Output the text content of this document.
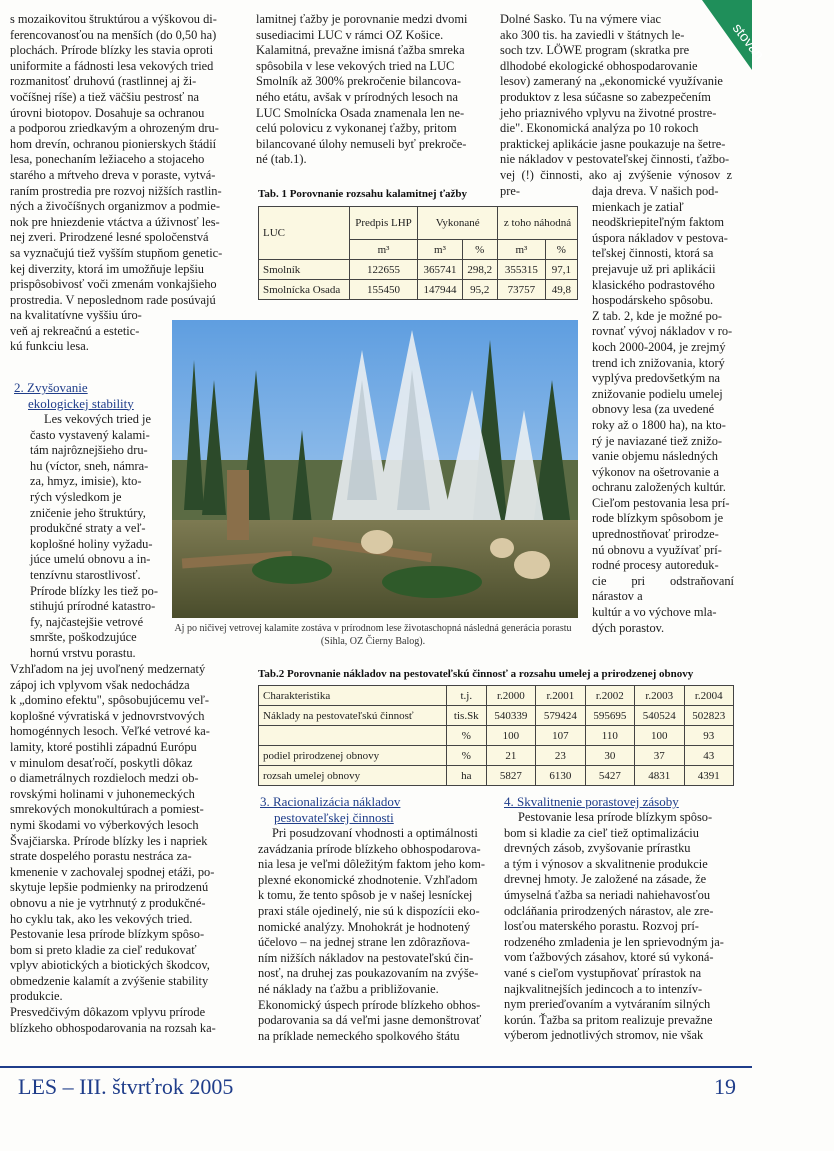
stovan

s mozaikovitou štruktúrou a výškovou di-

ferencovanosťou na menších (do 0,50 ha)

plochách. Prírode blízky les stavia oproti

uniformite a fádnosti lesa vekových tried

rozmanitosť druhovú (rastlinnej aj ži-

vočíšnej ríše) a tiež väčšiu pestrosť na

úrovni biotopov. Dosahuje sa ochranou

a podporou zriedkavým a ohrozeným dru-

hom drevín, ochranou pionierskych štádií

lesa, ponechaním ležiaceho a stojaceho

starého a mŕtveho dreva v poraste, vytvá-

raním prostredia pre rozvoj nižších rastlin-

ných a živočíšnych organizmov a podmie-

nok pre hniezdenie vtáctva a úživnosť les-

nej zveri. Prirodzené lesné spoločenstvá

sa vyznačujú tiež vyšším stupňom genetic-

kej diverzity, ktorá im umožňuje lepšiu

prispôsobivosť voči zmenám vonkajšieho

prostredia. V neposlednom rade posúvajú

na kvalitatívne vyššiu úro-

veň aj rekreačnú a estetic-

kú funkciu lesa.

2. Zvyšovanie

ekologickej stability

Les vekových tried je

často vystavený kalami-

tám najrôznejšieho dru-

hu (víctor, sneh, námra-

za, hmyz, imisie), kto-

rých výsledkom je

zničenie jeho štruktúry,

produkčné straty a veľ-

koplošné holiny vyžadu-

júce umelú obnovu a in-

tenzívnu starostlivosť.

Prírode blízky les tiež po-

stihujú prírodné katastro-

fy, najčastejšie vetrové

smršte, poškodzujúce

hornú vrstvu porastu.

Vzhľadom na jej uvoľnený medzernatý

zápoj ich vplyvom však nedochádza

k „domino efektu", spôsobujúcemu veľ-

koplošné vývratiská v jednovrstvových

homogénnych lesoch. Veľké vetrové ka-

lamity, ktoré postihli západnú Európu

v minulom desaťročí, poskytli dôkaz

o diametrálnych rozdieloch medzi ob-

rovskými holinami v juhonemeckých

smrekových monokultúrach a pomiest-

nymi škodami vo výberkových lesoch

Švajčiarska. Prírode blízky les i napriek

strate dospelého porastu nestráca za-

kmenenie v zachovalej spodnej etáži, po-

skytuje lepšie podmienky na prirodzenú

obnovu a nie je vytrhnutý z produkčné-

ho cyklu tak, ako les vekových tried.

Pestovanie lesa prírode blízkym spôso-

bom si preto kladie za cieľ redukovať

vplyv abiotických a biotických škodcov,

obmedzenie kalamít a zvýšenie stability

produkcie.

Presvedčivým dôkazom vplyvu prírode

blízkeho obhospodarovania na rozsah ka-

lamitnej ťažby je porovnanie medzi dvomi

susediacimi LUC v rámci OZ Košice.

Kalamitná, prevažne imisná ťažba smreka

spôsobila v lese vekových tried na LUC

Smolník až 300% prekročenie bilancova-

ného etátu, avšak v prírodných lesoch na

LUC Smolnícka Osada znamenala len ne-

celú polovicu z vykonanej ťažby, pritom

bilancované úlohy nemuseli byť prekroče-

né (tab.1).

Tab. 1 Porovnanie rozsahu kalamitnej ťažby
LUC	Predpis LHP	Vykonané		z toho náhodná	
	m³	m³	%	m³	%
Smolník	122655	365741	298,2	355315	97,1
Smolnícka Osada	155450	147944	95,2	73757	49,8
Aj po ničivej vetrovej kalamite zostáva v prírodnom lese životaschopná následná generácia porastu
(Sihla, OZ Čierny Balog).

Dolné Sasko. Tu na výmere viac

ako 300 tis. ha zaviedli v štátnych le-

soch tzv. LÖWE program (skratka pre

dlhodobé ekologické obhospodarovanie

lesov) zameraný na „ekonomické využívanie

produktov z lesa súčasne so zabezpečením

jeho priaznivého vplyvu na životné prostre-

die". Ekonomická analýza po 10 rokoch

praktickej aplikácie jasne poukazuje na šetre-

nie nákladov v pestovateľskej činnosti, ťažbo-

vej (!) činnosti, ako aj zvýšenie výnosov z pre-	daja dreva. V našich pod-

mienkach je zatiaľ

neodškriepiteľným faktom

úspora nákladov v pestova-

teľskej činnosti, ktorá sa

prejavuje už pri aplikácii

klasického podrastového

hospodárskeho spôsobu.

Z tab. 2, kde je možné po-

rovnať vývoj nákladov v ro-

koch 2000-2004, je zrejmý

trend ich znižovania, ktorý

vyplýva predovšetkým na

znižovanie podielu umelej

obnovy lesa (za uvedené

roky až o 1800 ha), na kto-

rý je naviazané tiež znižo-

vanie objemu následných

výkonov na ošetrovanie a

ochranu založených kultúr.

Cieľom pestovania lesa prí-

rode blízkym spôsobom je

uprednostňovať prirodze-

nú obnovu a využívať prí-

rodné procesy autoreduk-

cie pri odstraňovaní nárastov a

kultúr a vo výchove mla-

dých porastov.

Tab.2 Porovnanie nákladov na pestovateľskú činnosť a rozsahu umelej a prirodzenej obnovy
Charakteristika	t.j.	r.2000	r.2001	r.2002	r.2003	r.2004
Náklady na pestovateľskú činnosť	tis.Sk	540339	579424	595695	540524	502823
	%	100	107	110	100	93
podiel prirodzenej obnovy	%	21	23	30	37	43
rozsah umelej obnovy	ha	5827	6130	5427	4831	4391

3. Racionalizácia nákladov

pestovateľskej činnosti

Pri posudzovaní vhodnosti a optimálnosti

zavádzania prírode blízkeho obhospodarova-

nia lesa je veľmi dôležitým faktom jeho kom-

plexné ekonomické zhodnotenie. Vzhľadom

k tomu, že tento spôsob je v našej lesníckej

praxi stále ojedinelý, nie sú k dispozícii eko-

nomické analýzy. Mnohokrát je hodnotený

účelovo – na jednej strane len zdôrazňova-

ním nižších nákladov na pestovateľskú čin-

nosť, na druhej zas poukazovaním na zvýše-

né náklady na ťažbu a približovanie.

Ekonomický úspech prírode blízkeho obhos-

podarovania sa dá veľmi jasne demonštrovať

na príklade nemeckého spolkového štátu

4. Skvalitnenie porastovej zásoby

Pestovanie lesa prírode blízkym spôso-

bom si kladie za cieľ tiež optimalizáciu

drevných zásob, zvyšovanie prírastku

a tým i výnosov a skvalitnenie produkcie

drevnej hmoty. Je založené na zásade, že

úmyselná ťažba sa neriadi nahiehavosťou

odcláňania prirodzených nárastov, ale zre-

losťou materského porastu. Rozvoj prí-

rodzeného zmladenia je len sprievodným ja-

vom ťažbových zásahov, ktoré sú vykoná-

vané s cieľom vystupňovať prírastok na

najkvalitnejších jedincoch a to intenzív-

nym prerieďovaním a vytváraním silných

korún. Ťažba sa pritom realizuje prevažne

výberom jednotlivých stromov, nie však

LES – III. štvrťrok 2005	19
